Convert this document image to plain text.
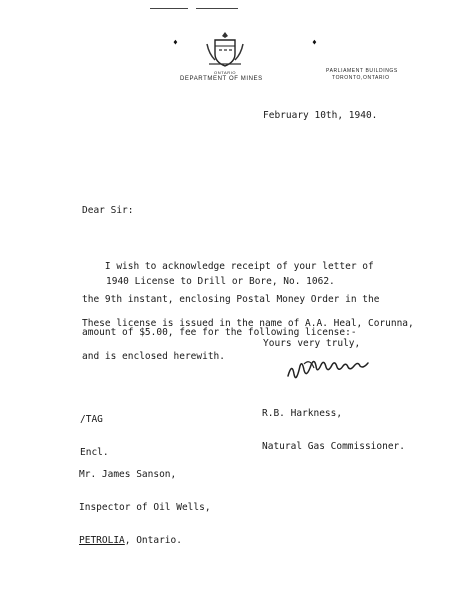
♦	♦
ONTARIO
DEPARTMENT OF MINES
PARLIAMENT BUILDINGS
TORONTO,ONTARIO
February 10th, 1940.
Dear Sir:

I wish to acknowledge receipt of your letter of

the 9th instant, enclosing Postal Money Order in the

amount of $5.00, fee for the following license:-

1940 License to Drill or Bore, No. 1062.

These license is issued in the name of A.A. Heal, Corunna,

and is enclosed herewith.

Yours very truly,

R.B. Harkness,

Natural Gas Commissioner.

/TAG

Encl.

Mr. James Sanson,

Inspector of Oil Wells,

PETROLIA, Ontario.
